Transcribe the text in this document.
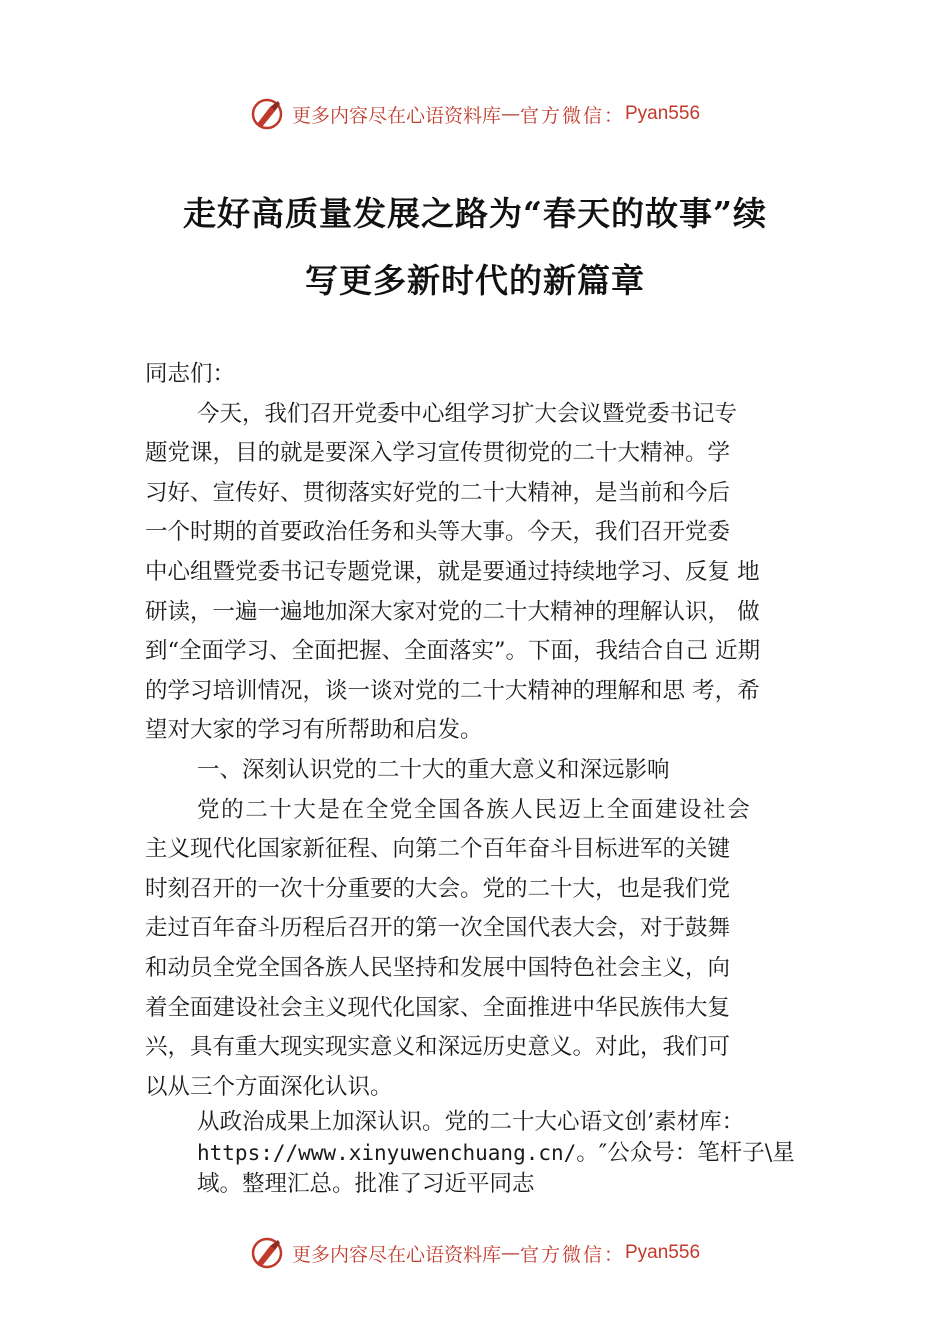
更多内容尽在心语资料库 — 官方微信： Pyan556
走好高质量发展之路为“春天的故事”续
写更多新时代的新篇章
同志们：
今天，我们召开党委中心组学习扩大会议暨党委书记专
题党课，目的就是要深入学习宣传贯彻党的二十大精神。学
习好、宣传好、贯彻落实好党的二十大精神，是当前和今后
一个时期的首要政治任务和头等大事。今天，我们召开党委
中心组暨党委书记专题党课，就是要通过持续地学习、反复 地
研读，一遍一遍地加深大家对党的二十大精神的理解认识， 做
到“全面学习、全面把握、全面落实”。下面，我结合自己 近期
的学习培训情况，谈一谈对党的二十大精神的理解和思 考，希
望对大家的学习有所帮助和启发。
一、深刻认识党的二十大的重大意义和深远影响
党的二十大是在全党全国各族人民迈上全面建设社会
主义现代化国家新征程、向第二个百年奋斗目标进军的关键
时刻召开的一次十分重要的大会。党的二十大，也是我们党
走过百年奋斗历程后召开的第一次全国代表大会，对于鼓舞
和动员全党全国各族人民坚持和发展中国特色社会主义，向
着全面建设社会主义现代化国家、全面推进中华民族伟大复
兴，具有重大现实现实意义和深远历史意义。对此，我们可
以从三个方面深化认识。
从政治成果上加深认识。党的二十大心语文创’素材库：
https://www.xinyuwenchuang.cn/。″公众号：笔杆子\星
域。整理汇总。批准了习近平同志
更多内容尽在心语资料库 — 官方微信： Pyan556
